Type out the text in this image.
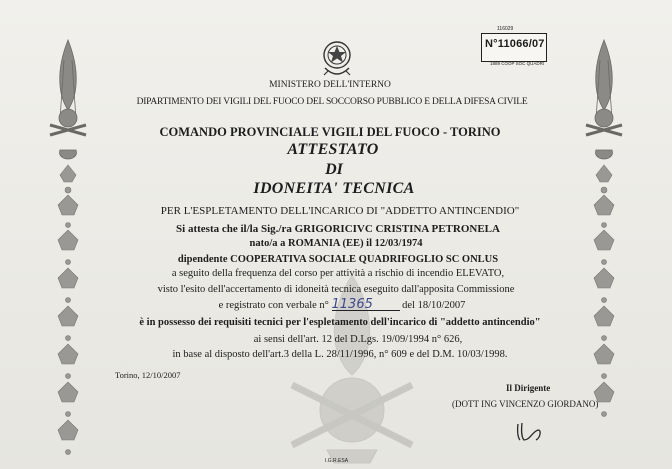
116029
N°11066/07
1889 COOP SOC QUADRI
MINISTERO DELL'INTERNO
DIPARTIMENTO DEI VIGILI DEL FUOCO DEL SOCCORSO PUBBLICO E DELLA DIFESA CIVILE
COMANDO PROVINCIALE VIGILI DEL FUOCO - TORINO
ATTESTATO
DI
IDONEITA' TECNICA
PER L'ESPLETAMENTO DELL'INCARICO DI "ADDETTO ANTINCENDIO"
Si attesta che il/la Sig./ra GRIGORICIVC CRISTINA PETRONELA
nato/a a ROMANIA (EE) il 12/03/1974
dipendente COOPERATIVA SOCIALE QUADRIFOGLIO SC ONLUS
a seguito della frequenza del corso per attività a rischio di incendio ELEVATO,
visto l'esito dell'accertamento di idoneità tecnica eseguito dall'apposita Commissione
e registrato con verbale n° 11365	del 18/10/2007
è in possesso dei requisiti tecnici per l'espletamento dell'incarico di "addetto antincendio"
ai sensi dell'art. 12 del D.Lgs. 19/09/1994 n° 626,
in base al disposto dell'art.3 della L. 28/11/1996, n° 609 e del D.M. 10/03/1998.
Torino, 12/10/2007
Il Dirigente
(DOTT ING VINCENZO GIORDANO)
I.G.R.ESA
